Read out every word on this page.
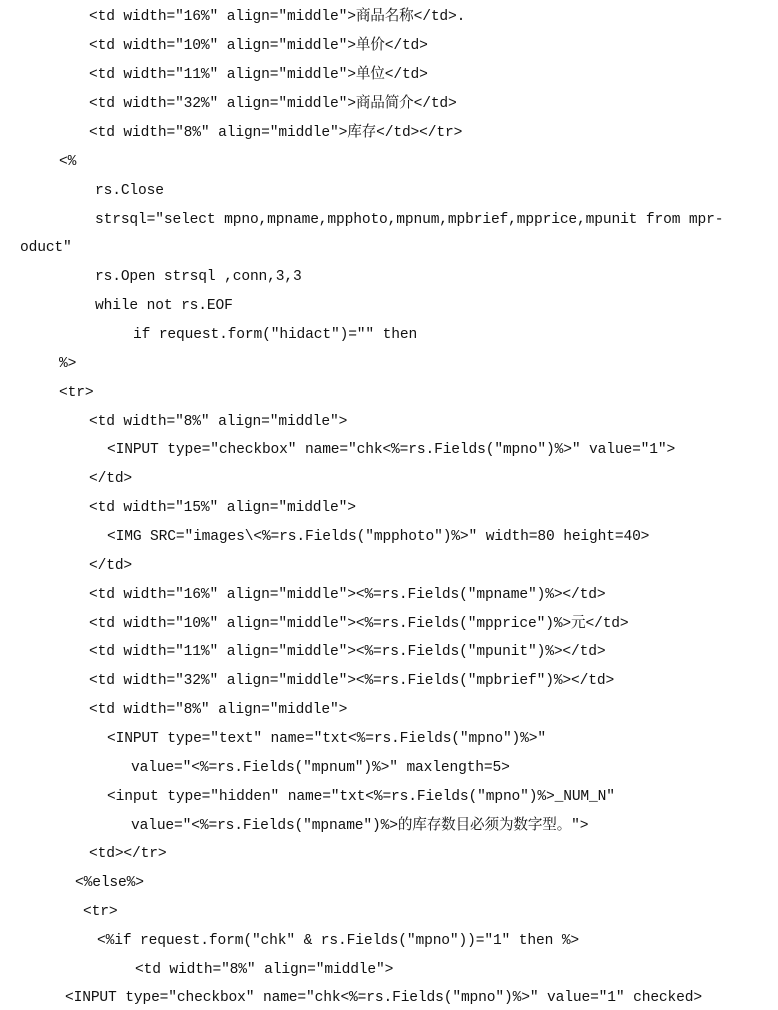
<td width="16%" align="middle">商品名称</td>.
<td width="10%" align="middle">单价</td>
<td width="11%" align="middle">单位</td>
<td width="32%" align="middle">商品简介</td>
<td width="8%" align="middle">库存</td></tr>
<%
rs.Close
strsql="select mpno,mpname,mpphoto,mpnum,mpbrief,mpprice,mpunit from mpr-
oduct"
rs.Open strsql ,conn,3,3
while not rs.EOF
if request.form("hidact")="" then
%>
<tr>
<td width="8%" align="middle">
<INPUT type="checkbox" name="chk<%=rs.Fields("mpno")%>" value="1">
</td>
<td width="15%" align="middle">
<IMG SRC="images\<%=rs.Fields("mpphoto")%>" width=80 height=40>
</td>
<td width="16%" align="middle"><%=rs.Fields("mpname")%></td>
<td width="10%" align="middle"><%=rs.Fields("mpprice")%>元</td>
<td width="11%" align="middle"><%=rs.Fields("mpunit")%></td>
<td width="32%" align="middle"><%=rs.Fields("mpbrief")%></td>
<td width="8%" align="middle">
<INPUT type="text" name="txt<%=rs.Fields("mpno")%>"
value="<%=rs.Fields("mpnum")%>" maxlength=5>
<input type="hidden" name="txt<%=rs.Fields("mpno")%>_NUM_N"
value="<%=rs.Fields("mpname")%>的库存数目必须为数字型。">
<td></tr>
<%else%>
<tr>
<%if request.form("chk" & rs.Fields("mpno"))="1" then %>
<td width="8%" align="middle">
<INPUT type="checkbox" name="chk<%=rs.Fields("mpno")%>" value="1" checked>
